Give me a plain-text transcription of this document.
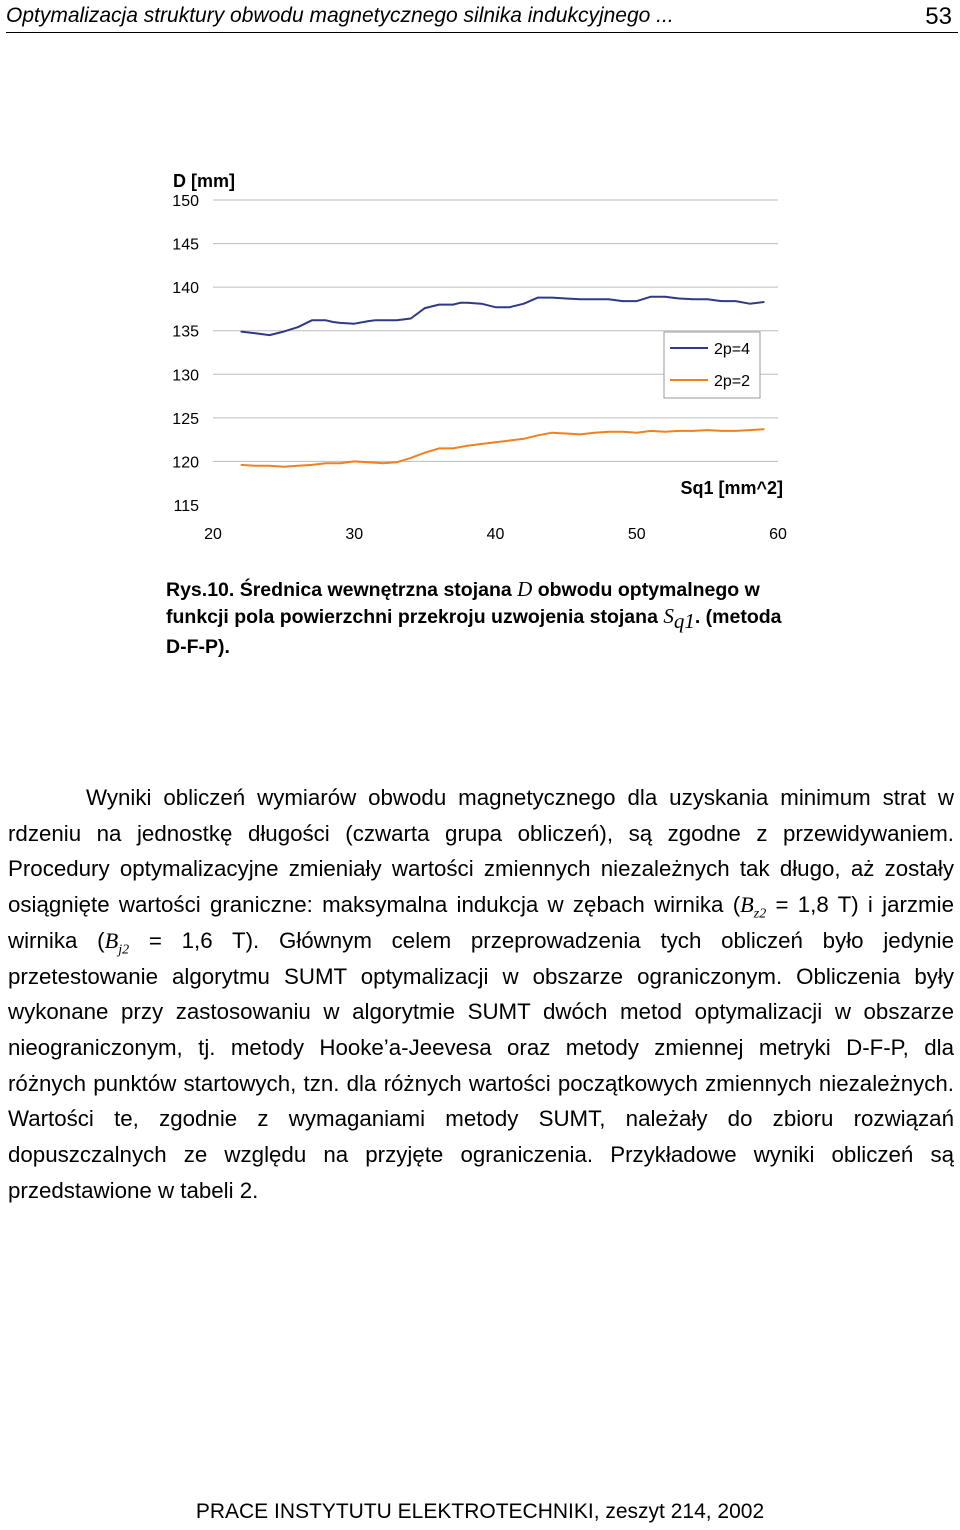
Optymalizacja struktury obwodu magnetycznego silnika indukcyjnego ...	53
150
145
140
135
130
125
120
115
20	30	40	50	60
D [mm]
Sq1 [mm^2]
2p=4
2p=2
Rys.10. Średnica wewnętrzna stojana D obwodu optymalnego w funkcji pola powierzchni przekroju uzwojenia stojana $S_{q1}$. (metoda D-F-P).

Wyniki obliczeń wymiarów obwodu magnetycznego dla uzyskania minimum strat w rdzeniu na jednostkę długości (czwarta grupa obliczeń), są zgodne z przewidywaniem. Procedury optymalizacyjne zmieniały wartości zmiennych niezależnych tak długo, aż zostały osiągnięte wartości graniczne: maksymalna indukcja w zębach wirnika ($B_{z2} = 1,8$ T) i jarzmie wirnika ($B_{j2} = 1,6$ T). Głównym celem przeprowadzenia tych obliczeń było jedynie przetestowanie algorytmu SUMT optymalizacji w obszarze ograniczonym. Obliczenia były wykonane przy zastosowaniu w algorytmie SUMT dwóch metod optymalizacji w obszarze nieograniczonym, tj. metody Hooke’a-Jeevesa oraz metody zmiennej metryki D-F-P, dla różnych punktów startowych, tzn. dla różnych wartości początkowych zmiennych niezależnych. Wartości te, zgodnie z wymaganiami metody SUMT, należały do zbioru rozwiązań dopuszczalnych ze względu na przyjęte ograniczenia. Przykładowe wyniki obliczeń są przedstawione w tabeli 2.

PRACE INSTYTUTU ELEKTROTECHNIKI, zeszyt 214, 2002
